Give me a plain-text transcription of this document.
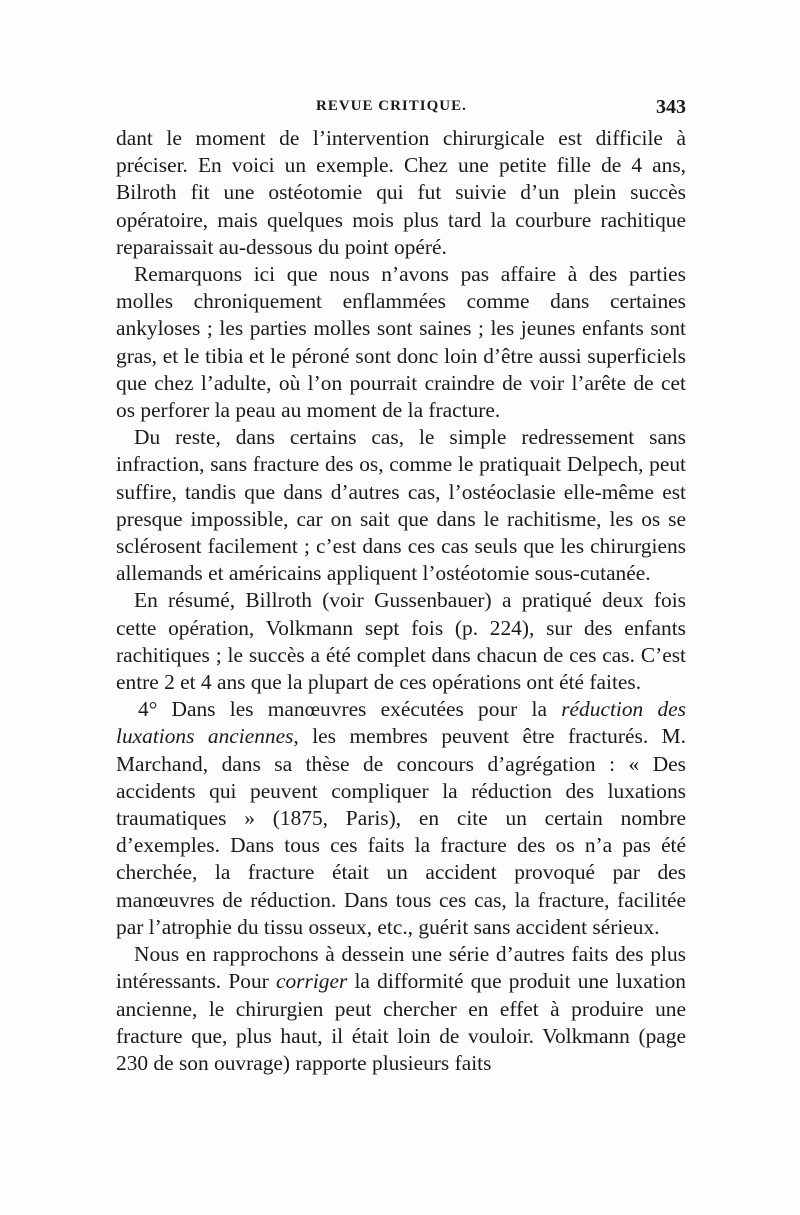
REVUE CRITIQUE.	343

dant le moment de l’intervention chirurgicale est difficile à préciser. En voici un exemple. Chez une petite fille de 4 ans, Bilroth fit une ostéotomie qui fut suivie d’un plein succès opératoire, mais quelques mois plus tard la courbure rachitique reparaissait au-dessous du point opéré.

Remarquons ici que nous n’avons pas affaire à des parties molles chroniquement enflammées comme dans certaines ankyloses ; les parties molles sont saines ; les jeunes enfants sont gras, et le tibia et le péroné sont donc loin d’être aussi superficiels que chez l’adulte, où l’on pourrait craindre de voir l’arête de cet os perforer la peau au moment de la fracture.

Du reste, dans certains cas, le simple redressement sans infraction, sans fracture des os, comme le pratiquait Delpech, peut suffire, tandis que dans d’autres cas, l’ostéoclasie elle-même est presque impossible, car on sait que dans le rachitisme, les os se sclérosent facilement ; c’est dans ces cas seuls que les chirurgiens allemands et américains appliquent l’ostéotomie sous-cutanée.

En résumé, Billroth (voir Gussenbauer) a pratiqué deux fois cette opération, Volkmann sept fois (p. 224), sur des enfants rachitiques ; le succès a été complet dans chacun de ces cas. C’est entre 2 et 4 ans que la plupart de ces opérations ont été faites.

4° Dans les manœuvres exécutées pour la réduction des luxations anciennes, les membres peuvent être fracturés. M. Marchand, dans sa thèse de concours d’agrégation : « Des accidents qui peuvent compliquer la réduction des luxations traumatiques » (1875, Paris), en cite un certain nombre d’exemples. Dans tous ces faits la fracture des os n’a pas été cherchée, la fracture était un accident provoqué par des manœuvres de réduction. Dans tous ces cas, la fracture, facilitée par l’atrophie du tissu osseux, etc., guérit sans accident sérieux.

Nous en rapprochons à dessein une série d’autres faits des plus intéressants. Pour corriger la difformité que produit une luxation ancienne, le chirurgien peut chercher en effet à produire une fracture que, plus haut, il était loin de vouloir. Volkmann (page 230 de son ouvrage) rapporte plusieurs faits
